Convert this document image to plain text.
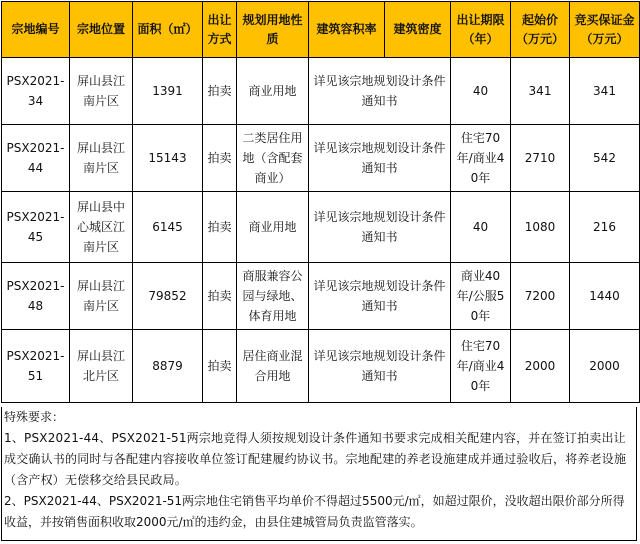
宗地编号	宗地位置	面积（㎡）	出让方式	规划用地性质	建筑容积率	建筑密度	出让期限（年）	起始价（万元）	竞买保证金（万元）
PSX2021-34	屏山县江南片区	1391	拍卖	商业用地	详见该宗地规划设计条件通知书		40	341	341
PSX2021-44	屏山县江南片区	15143	拍卖	二类居住用地（含配套商业）	详见该宗地规划设计条件通知书		住宅70年/商业40年	2710	542
PSX2021-45	屏山县中心城区江南片区	6145	拍卖	商业用地	详见该宗地规划设计条件通知书		40	1080	216
PSX2021-48	屏山县江南片区	79852	拍卖	商服兼容公园与绿地、体育用地	详见该宗地规划设计条件通知书		商业40年/公服50年	7200	1440
PSX2021-51	屏山县江北片区	8879	拍卖	居住商业混合用地	详见该宗地规划设计条件通知书		住宅70年/商业40年	2000	2000

特殊要求：

1、PSX2021-44、PSX2021-51两宗地竞得人须按规划设计条件通知书要求完成相关配建内容，并在签订拍卖出让成交确认书的同时与各配建内容接收单位签订配建履约协议书。宗地配建的养老设施建成并通过验收后，将养老设施（含产权）无偿移交给县民政局。

2、PSX2021-44、PSX2021-51两宗地住宅销售平均单价不得超过5500元/㎡，如超过限价，没收超出限价部分所得收益，并按销售面积收取2000元/㎡的违约金，由县住建城管局负责监管落实。
